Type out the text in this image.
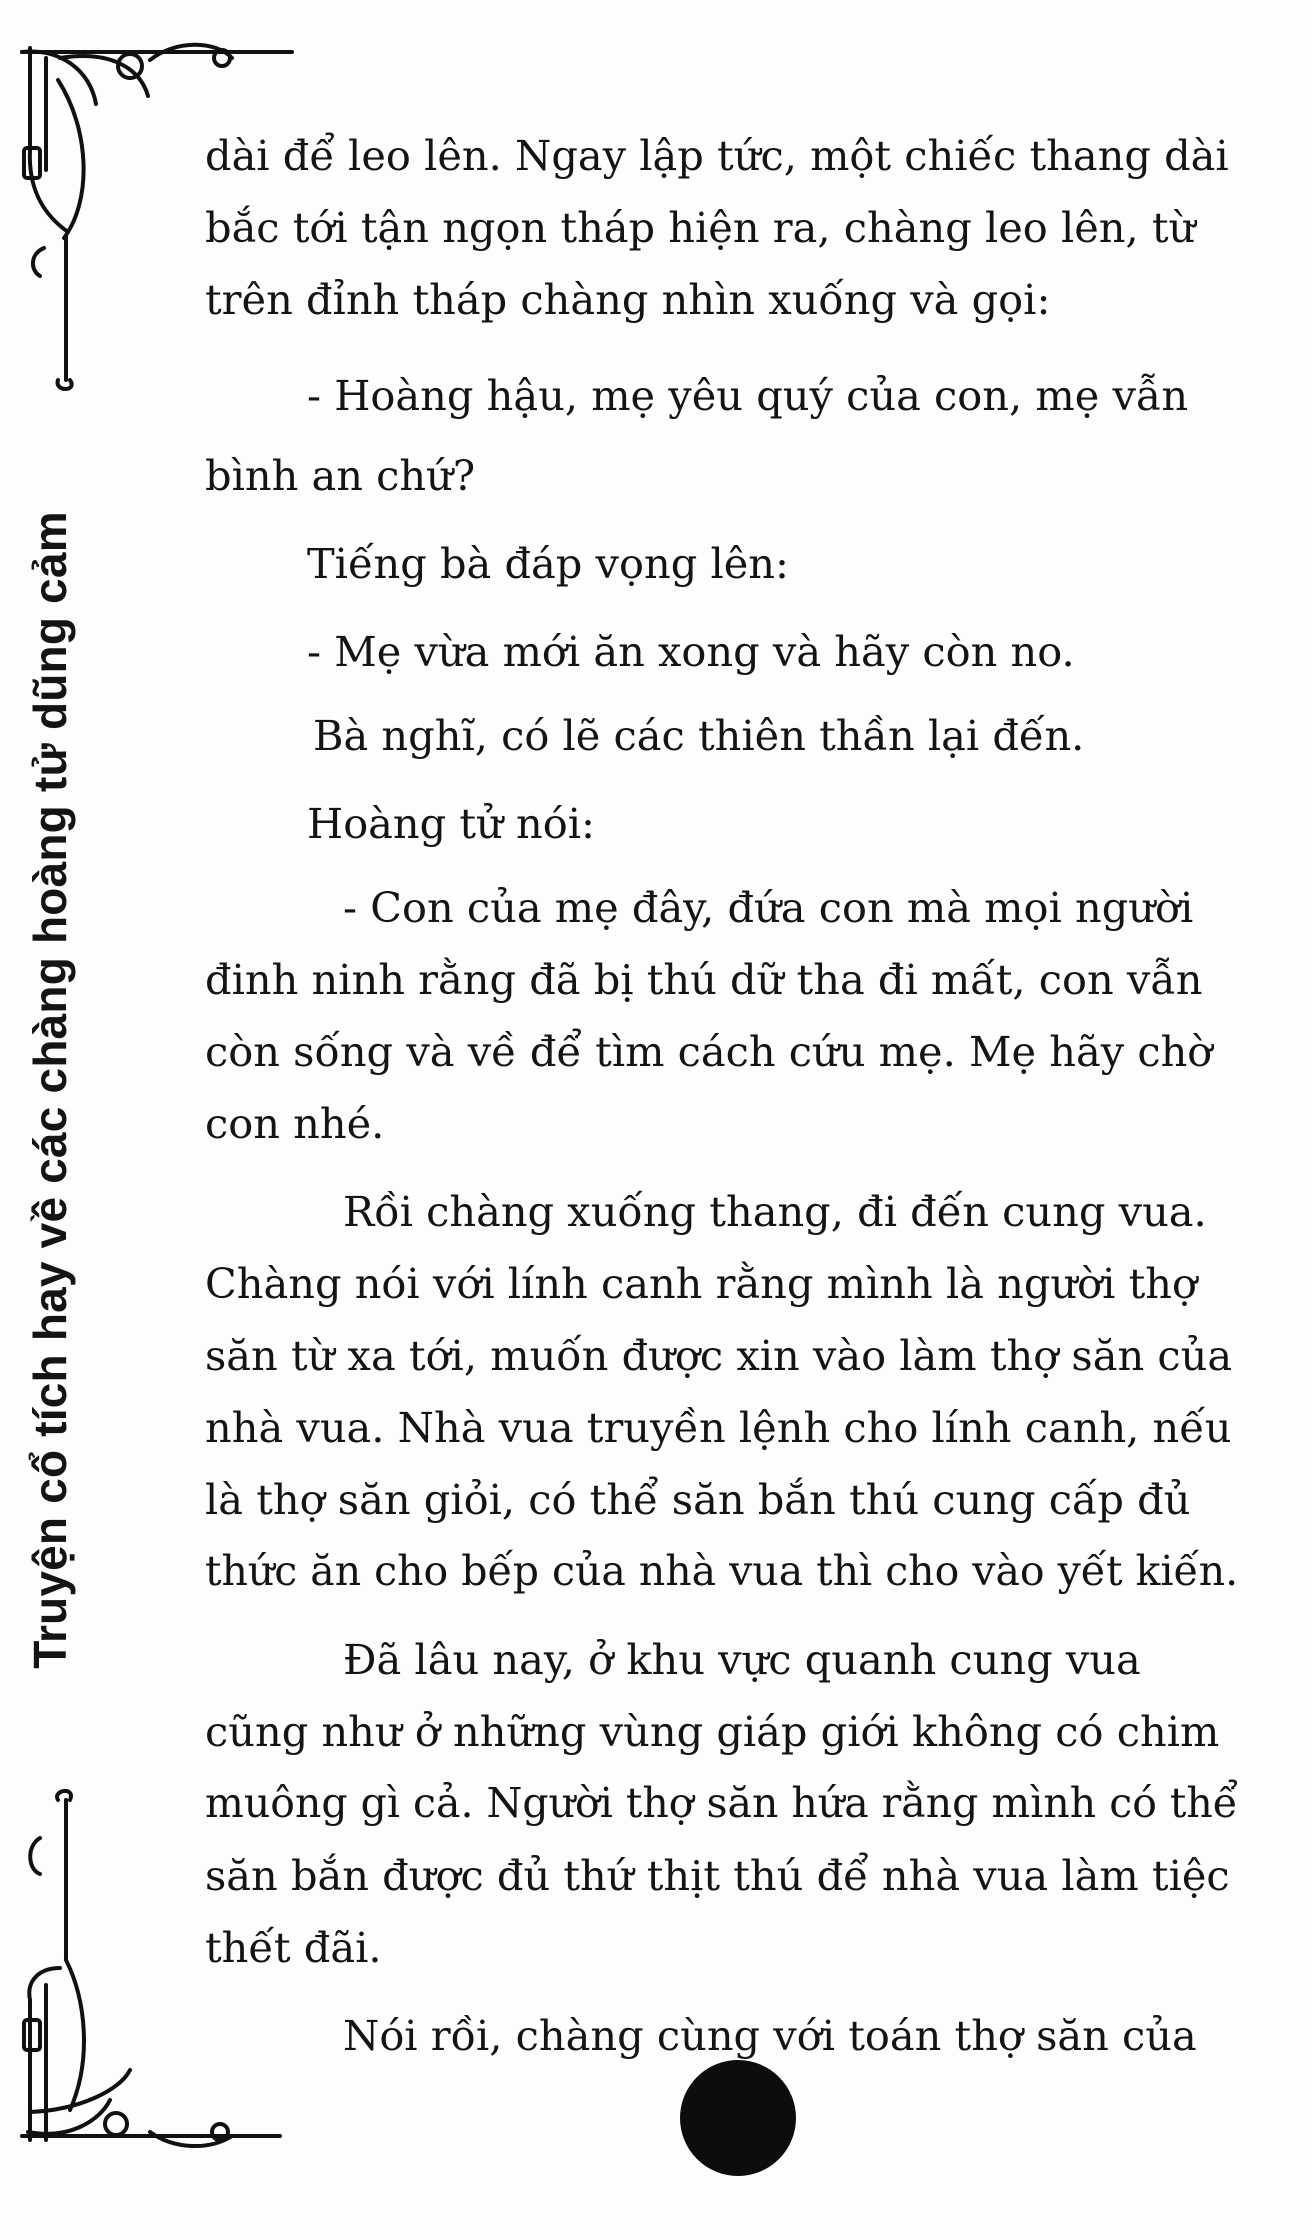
Truyện cổ tích hay về các chàng hoàng tử dũng cảm
dài để leo lên. Ngay lập tức, một chiếc thang dài
bắc tới tận ngọn tháp hiện ra, chàng leo lên, từ
trên đỉnh tháp chàng nhìn xuống và gọi:
- Hoàng hậu, mẹ yêu quý của con, mẹ vẫn
bình an chứ?
Tiếng bà đáp vọng lên:
- Mẹ vừa mới ăn xong và hãy còn no.
Bà nghĩ, có lẽ các thiên thần lại đến.
Hoàng tử nói:
- Con của mẹ đây, đứa con mà mọi người
đinh ninh rằng đã bị thú dữ tha đi mất, con vẫn
còn sống và về để tìm cách cứu mẹ. Mẹ hãy chờ
con nhé.
Rồi chàng xuống thang, đi đến cung vua.
Chàng nói với lính canh rằng mình là người thợ
săn từ xa tới, muốn được xin vào làm thợ săn của
nhà vua. Nhà vua truyền lệnh cho lính canh, nếu
là thợ săn giỏi, có thể săn bắn thú cung cấp đủ
thức ăn cho bếp của nhà vua thì cho vào yết kiến.
Đã lâu nay, ở khu vực quanh cung vua
cũng như ở những vùng giáp giới không có chim
muông gì cả. Người thợ săn hứa rằng mình có thể
săn bắn được đủ thứ thịt thú để nhà vua làm tiệc
thết đãi.
Nói rồi, chàng cùng với toán thợ săn của
